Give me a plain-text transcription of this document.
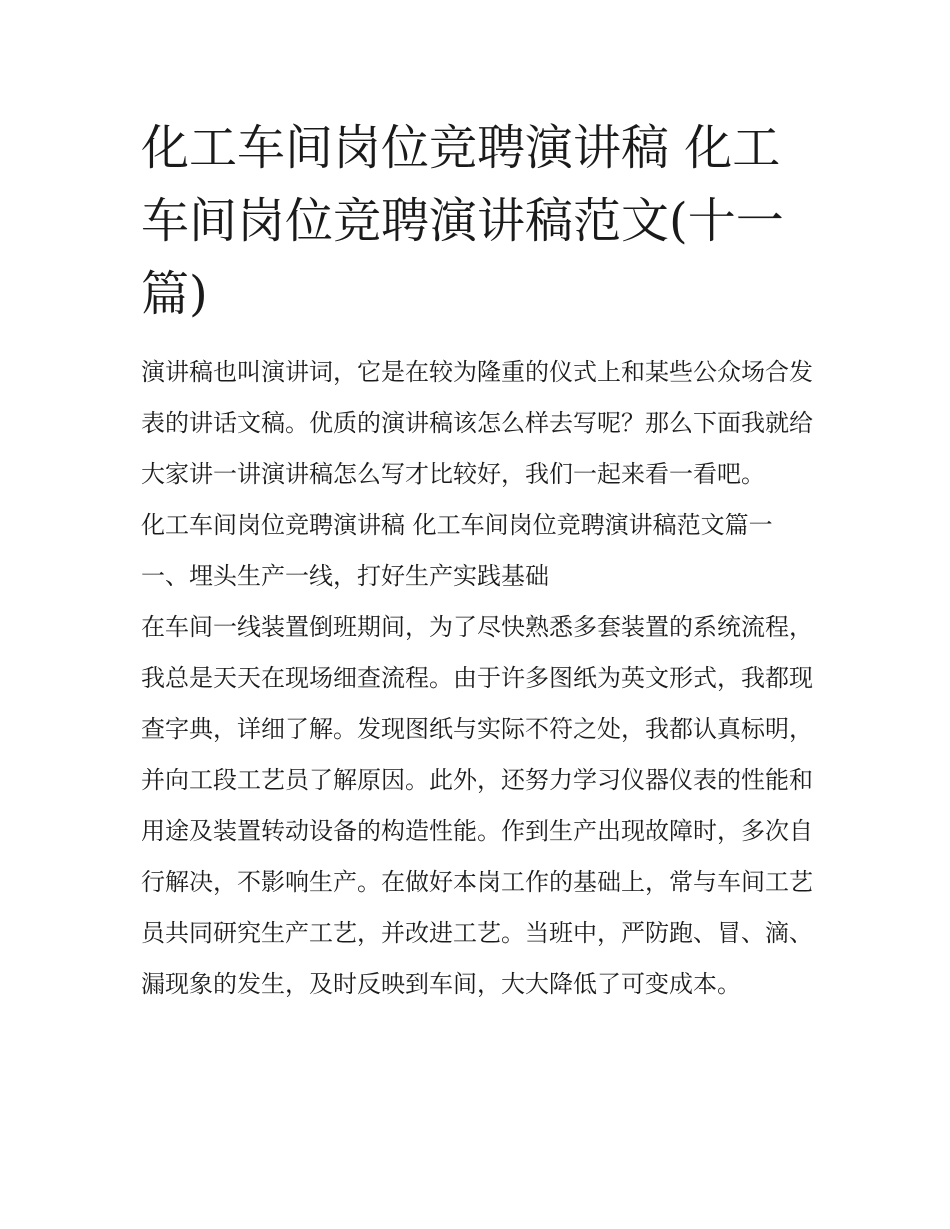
化工车间岗位竞聘演讲稿 化工车间岗位竞聘演讲稿范文(十一篇)

演讲稿也叫演讲词，它是在较为隆重的仪式上和某些公众场合发表的讲话文稿。优质的演讲稿该怎么样去写呢？那么下面我就给大家讲一讲演讲稿怎么写才比较好，我们一起来看一看吧。

化工车间岗位竞聘演讲稿 化工车间岗位竞聘演讲稿范文篇一

一、埋头生产一线，打好生产实践基础

在车间一线装置倒班期间，为了尽快熟悉多套装置的系统流程，我总是天天在现场细查流程。由于许多图纸为英文形式，我都现查字典，详细了解。发现图纸与实际不符之处，我都认真标明，并向工段工艺员了解原因。此外，还努力学习仪器仪表的性能和用途及装置转动设备的构造性能。作到生产出现故障时，多次自行解决，不影响生产。在做好本岗工作的基础上，常与车间工艺员共同研究生产工艺，并改进工艺。当班中，严防跑、冒、滴、漏现象的发生，及时反映到车间，大大降低了可变成本。
